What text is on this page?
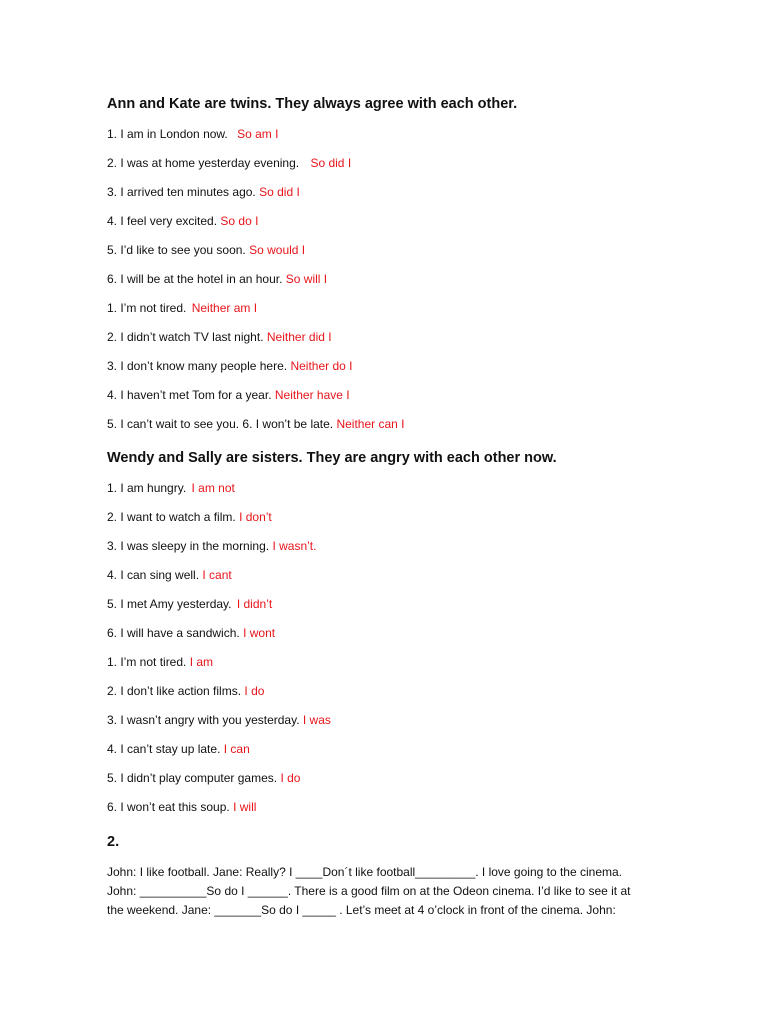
Ann and Kate are twins. They always agree with each other.
1. I am in London now. So am I
2. I was at home yesterday evening. So did I
3. I arrived ten minutes ago. So did I
4. I feel very excited. So do I
5. I’d like to see you soon. So would I
6. I will be at the hotel in an hour. So will I
1. I’m not tired. Neither am I
2. I didn’t watch TV last night. Neither did I
3. I don’t know many people here. Neither do I
4. I haven’t met Tom for a year. Neither have I
5. I can’t wait to see you. 6. I won’t be late. Neither can I
Wendy and Sally are sisters. They are angry with each other now.
1. I am hungry. I am not
2. I want to watch a film. I don’t
3. I was sleepy in the morning. I wasn’t.
4. I can sing well. I cant
5. I met Amy yesterday. I didn’t
6. I will have a sandwich. I wont
1. I’m not tired. I am
2. I don’t like action films. I do
3. I wasn’t angry with you yesterday. I was
4. I can’t stay up late. I can
5. I didn’t play computer games. I do
6. I won’t eat this soup. I will
2.
John: I like football. Jane: Really? I ____Don´t like football_________. I love going to the cinema.
John: __________So do I ______. There is a good film on at the Odeon cinema. I’d like to see it at
the weekend. Jane: _______So do I _____ . Let’s meet at 4 o’clock in front of the cinema. John:
